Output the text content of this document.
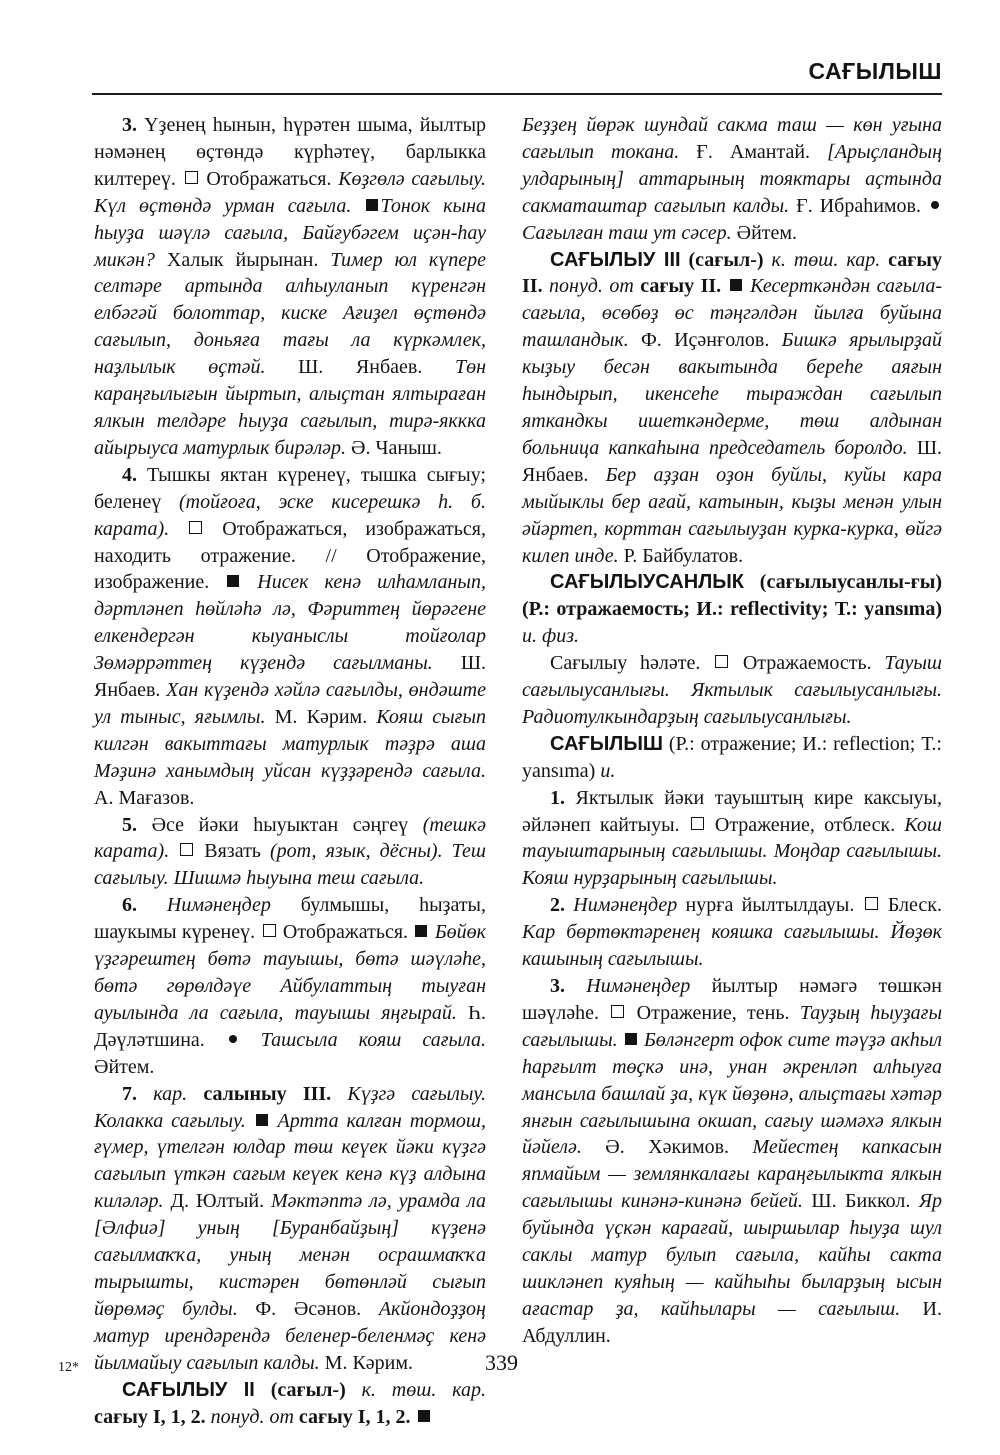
САҒЫЛЫШ

3. Үҙенең һынын, һүрәтен шыма, йылтыр нәмәнең өҫтөндә күрһәтеү, барлыкка килтереү.  Отображаться. Көҙгөлә сағылыу. Күл өҫтөндә урман сағыла. Тонок кына һыуҙа шәүлә сағыла, Байғубәгем иҫән-һау микән? Халык йырынан. Тимер юл күпере селтәре артында алһыуланып күренгән елбәгәй болоттар, киске Ағиҙел өҫтөндә сағылып, доньяға тағы ла күркәмлек, наҙлылык өҫтәй. Ш. Янбаев. Төн караңғылығын йыртып, алыҫтан ялтыраған ялкын телдәре һыуҙа сағылып, тирә-яккка айырыуса матурлык бирәләр. Ә. Чаныш.

4. Тышкы яктан күренеү, тышка сығыу; беленеү (тойғоға, эске кисерешкә һ. б. карата).  Отображаться, изображаться, находить отражение. // Отображение, изображение.  Нисек кенә илһамланып, дәртләнеп һөйләһә лә, Фәриттең йөрәгене елкендергән кыуаныслы тойғолар Зөмәррәттең күҙендә сағылманы. Ш. Янбаев. Хан күҙендә хәйлә сағылды, өндәште ул тыныс, яғымлы. М. Кәрим. Кояш сығып килгән вакыттағы матурлык тәҙрә аша Мәҙинә ханымдың уйсан күҙҙәрендә сағыла. А. Мағазов.

5. Әсе йәки һыуыктан сәңгеү (тешкә карата).  Вязать (рот, язык, дёсны). Теш сағылыу. Шишмә һыуына теш сағыла.

6. Нимәнеңдер булмышы, һыҙаты, шаукымы күренеү.  Отображаться.  Бөйөк үҙгәрештең бөтә тауышы, бөтә шәүләһе, бөтә гөрөлдәүе Айбулаттың тыуған ауылында ла сағыла, тауышы яңғырай. Һ. Дәүләтшина.  Ташсыла кояш сағыла. Әйтем.

7. кар. салыныу III. Күҙгә сағылыу. Колакка сағылыу. Артта калған тормош, ғүмер, үтелгән юлдар төш кеүек йәки күҙгә сағылып үткән сағым кеүек кенә күҙ алдына киләләр. Д. Юлтый. Мәктәптә лә, урамда ла [Әлфиә] уның [Буранбайҙың] күҙенә сағылмаҡҡа, уның менән осрашмаҡҡа тырышты, кистәрен бөтөнләй сығып йөрөмәҫ булды. Ф. Әсәнов. Акйондоҙҙоң матур ирендәрендә беленер-беленмәҫ кенә йылмайыу сағылып калды. М. Кәрим.

САҒЫЛЫУ II (сағыл-) к. төш. кар. сағыу I, 1, 2. понуд. от сағыу I, 1, 2.

Беҙҙең йөрәк шундай сакма таш — көн уғына сағылып токана. Ғ. Амантай. [Арыҫландың улдарының] аттарының тояктары аҫтында сакматаштар сағылып калды. Ғ. Ибраһимов. Сағылған таш ут сәсер. Әйтем.

САҒЫЛЫУ III (сағыл-) к. төш. кар. сағыу II. понуд. от сағыу II. Кесерткәндән сағыла-сағыла, өсөбөҙ өс тәңгәлдән йылға буйына ташландык. Ф. Иҫәнғолов. Бишкә ярылырҙай кыҙыу бесән вакытында береһе аяғын һындырып, икенсеһе тыраждан сағылып яткандкы ишеткәндерме, төш алдынан больница капкаһына председатель боролдо. Ш. Янбаев. Бер аҙҙан оҙон буйлы, куйы кара мыйыклы бер ағай, катынын, кыҙы менән улын әйәртеп, корттан сағылыуҙан курка-курка, өйгә килеп инде. Р. Байбулатов.

САҒЫЛЫУСАНЛЫК (сағылыусанлы-ғы) (Р.: отражаемость; И.: reflectivity; Т.: yansıma) и. физ.

Сағылыу һәләте.  Отражаемость. Тауыш сағылыусанлығы. Яктылык сағылыусанлығы. Радиотулкындарҙың сағылыусанлығы.

САҒЫЛЫШ (Р.: отражение; И.: reflection; Т.: yansıma) и.

1. Яктылык йәки тауыштың кире каксыуы, әйләнеп кайтыуы.  Отражение, отблеск. Кош тауыштарының сағылышы. Моңдар сағылышы. Кояш нурҙарының сағылышы.

2. Нимәнеңдер нурға йылтылдауы.  Блеск. Кар бөртөктәренең кояшка сағылышы. Йөҙөк кашының сағылышы.

3. Нимәнеңдер йылтыр нәмәгә төшкән шәүләһе.  Отражение, тень. Тауҙың һыуҙағы сағылышы. Бөләнгерт офок сите тәүҙә акһыл һарғылт төҫкә инә, унан әкренләп алһыуға мансыла башлай ҙа, күк йөҙөнә, алыҫтағы хәтәр янғын сағылышына окшап, сағыу шәмәхә ялкын йәйелә. Ә. Хәкимов. Мейестең капкасын япмайым — землянкалағы караңғылыкта ялкын сағылышы кинәнә-кинәнә бейей. Ш. Биккол. Яр буйында үҫкән карағай, шыршылар һыуҙа шул саклы матур булып сағыла, кайһы сакта шикләнеп куяһың — кайһыһы быларҙың ысын ағастар ҙа, кайһылары — сағылыш. И. Абдуллин.

12*	339
